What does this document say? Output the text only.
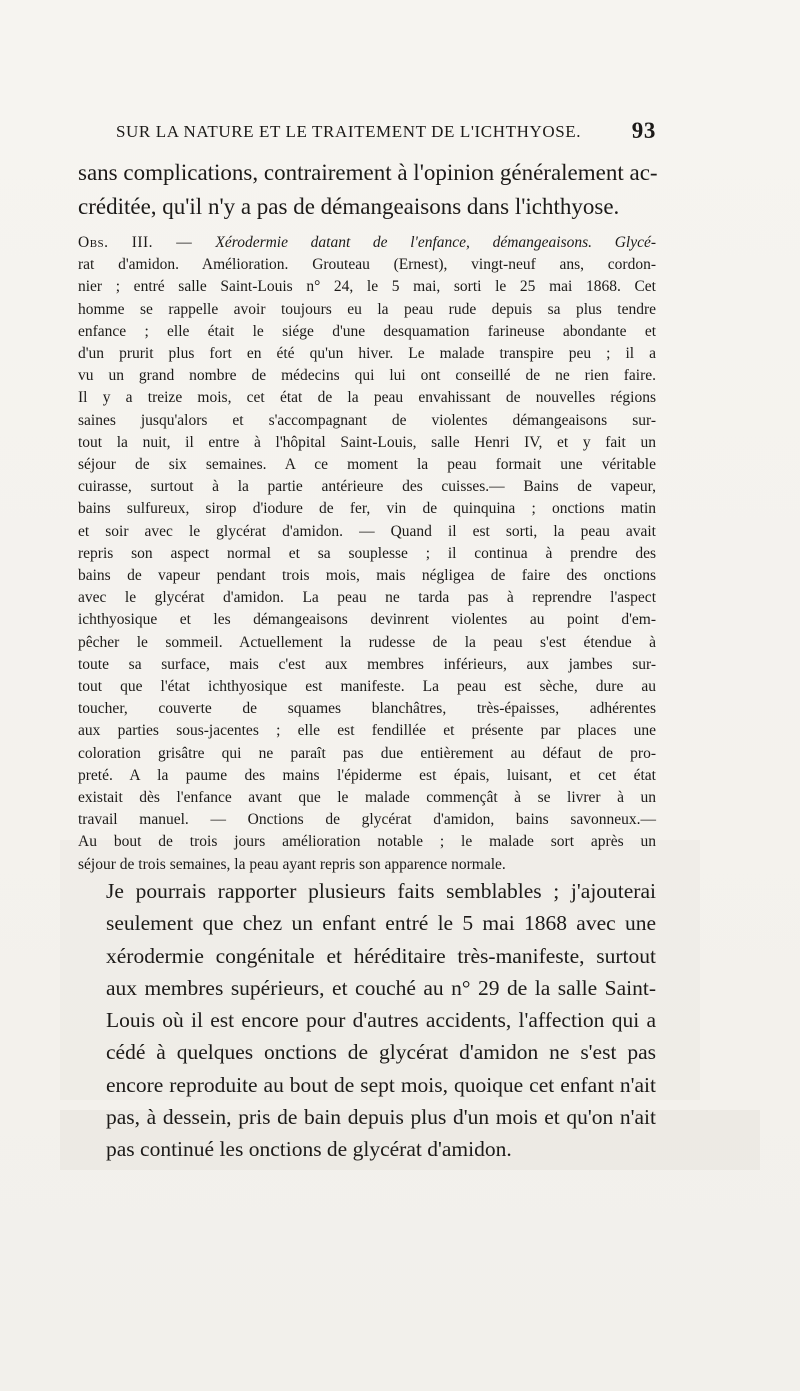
SUR LA NATURE ET LE TRAITEMENT DE L'ICHTHYOSE. 93

sans complications, contrairement à l'opinion généralement ac-
créditée, qu'il n'y a pas de démangeaisons dans l'ichthyose.

Obs. III. — Xérodermie datant de l'enfance, démangeaisons. Glycé-
rat d'amidon. Amélioration. Grouteau (Ernest), vingt-neuf ans, cordon-
nier ; entré salle Saint-Louis n° 24, le 5 mai, sorti le 25 mai 1868. Cet
homme se rappelle avoir toujours eu la peau rude depuis sa plus tendre
enfance ; elle était le siége d'une desquamation farineuse abondante et
d'un prurit plus fort en été qu'un hiver. Le malade transpire peu ; il a
vu un grand nombre de médecins qui lui ont conseillé de ne rien faire.
Il y a treize mois, cet état de la peau envahissant de nouvelles régions
saines jusqu'alors et s'accompagnant de violentes démangeaisons sur-
tout la nuit, il entre à l'hôpital Saint-Louis, salle Henri IV, et y fait un
séjour de six semaines. A ce moment la peau formait une véritable
cuirasse, surtout à la partie antérieure des cuisses.— Bains de vapeur,
bains sulfureux, sirop d'iodure de fer, vin de quinquina ; onctions matin
et soir avec le glycérat d'amidon. — Quand il est sorti, la peau avait
repris son aspect normal et sa souplesse ; il continua à prendre des
bains de vapeur pendant trois mois, mais négligea de faire des onctions
avec le glycérat d'amidon. La peau ne tarda pas à reprendre l'aspect
ichthyosique et les démangeaisons devinrent violentes au point d'em-
pêcher le sommeil. Actuellement la rudesse de la peau s'est étendue à
toute sa surface, mais c'est aux membres inférieurs, aux jambes sur-
tout que l'état ichthyosique est manifeste. La peau est sèche, dure au
toucher, couverte de squames blanchâtres, très-épaisses, adhérentes
aux parties sous-jacentes ; elle est fendillée et présente par places une
coloration grisâtre qui ne paraît pas due entièrement au défaut de pro-
preté. A la paume des mains l'épiderme est épais, luisant, et cet état
existait dès l'enfance avant que le malade commençât à se livrer à un
travail manuel. — Onctions de glycérat d'amidon, bains savonneux.—
Au bout de trois jours amélioration notable ; le malade sort après un
séjour de trois semaines, la peau ayant repris son apparence normale.

Je pourrais rapporter plusieurs faits semblables ; j'ajouterai
seulement que chez un enfant entré le 5 mai 1868 avec une
xérodermie congénitale et héréditaire très-manifeste, surtout
aux membres supérieurs, et couché au n° 29 de la salle Saint-
Louis où il est encore pour d'autres accidents, l'affection qui a
cédé à quelques onctions de glycérat d'amidon ne s'est pas
encore reproduite au bout de sept mois, quoique cet enfant n'ait
pas, à dessein, pris de bain depuis plus d'un mois et qu'on n'ait
pas continué les onctions de glycérat d'amidon.
